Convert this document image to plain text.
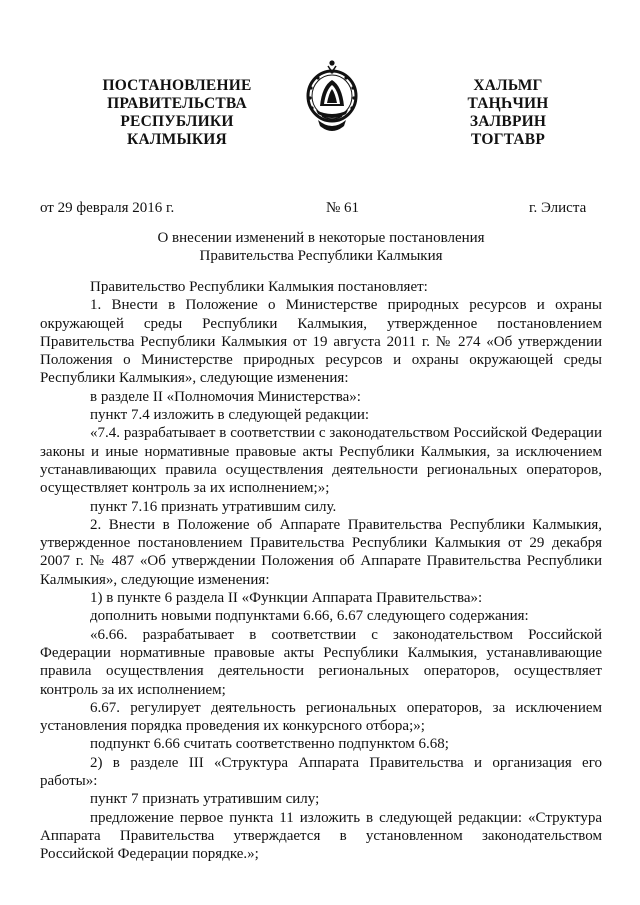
ПОСТАНОВЛЕНИЕ
ПРАВИТЕЛЬСТВА
РЕСПУБЛИКИ
КАЛМЫКИЯ
ХАЛЬМГ
ТАҢҺЧИН
ЗАЛВРИН
ТОГТАВР
от 29 февраля 2016 г.	№ 61	г. Элиста
О внесении изменений в некоторые постановления
Правительства Республики Калмыкия

Правительство Республики Калмыкия постановляет:

1. Внести в Положение о Министерстве природных ресурсов и охраны окружающей среды Республики Калмыкия, утвержденное постановлением Правительства Республики Калмыкия от 19 августа 2011 г. № 274 «Об утверждении Положения о Министерстве природных ресурсов и охраны окружающей среды Республики Калмыкия», следующие изменения:

в разделе II «Полномочия Министерства»:

пункт 7.4 изложить в следующей редакции:

«7.4. разрабатывает в соответствии с законодательством Российской Федерации законы и иные нормативные правовые акты Республики Калмыкия, за исключением устанавливающих правила осуществления деятельности региональных операторов, осуществляет контроль за их исполнением;»;

пункт 7.16 признать утратившим силу.

2. Внести в Положение об Аппарате Правительства Республики Калмыкия, утвержденное постановлением Правительства Республики Калмыкия от 29 декабря 2007 г. № 487 «Об утверждении Положения об Аппарате Правительства Республики Калмыкия», следующие изменения:

1) в пункте 6 раздела II «Функции Аппарата Правительства»:

дополнить новыми подпунктами 6.66, 6.67 следующего содержания:

«6.66. разрабатывает в соответствии с законодательством Российской Федерации нормативные правовые акты Республики Калмыкия, устанавливающие правила осуществления деятельности региональных операторов, осуществляет контроль за их исполнением;

6.67. регулирует деятельность региональных операторов, за исключением установления порядка проведения их конкурсного отбора;»;

подпункт 6.66 считать соответственно подпунктом 6.68;

2) в разделе III «Структура Аппарата Правительства и организация его работы»:

пункт 7 признать утратившим силу;

предложение первое пункта 11 изложить в следующей редакции: «Структура Аппарата Правительства утверждается в установленном законодательством Российской Федерации порядке.»;
